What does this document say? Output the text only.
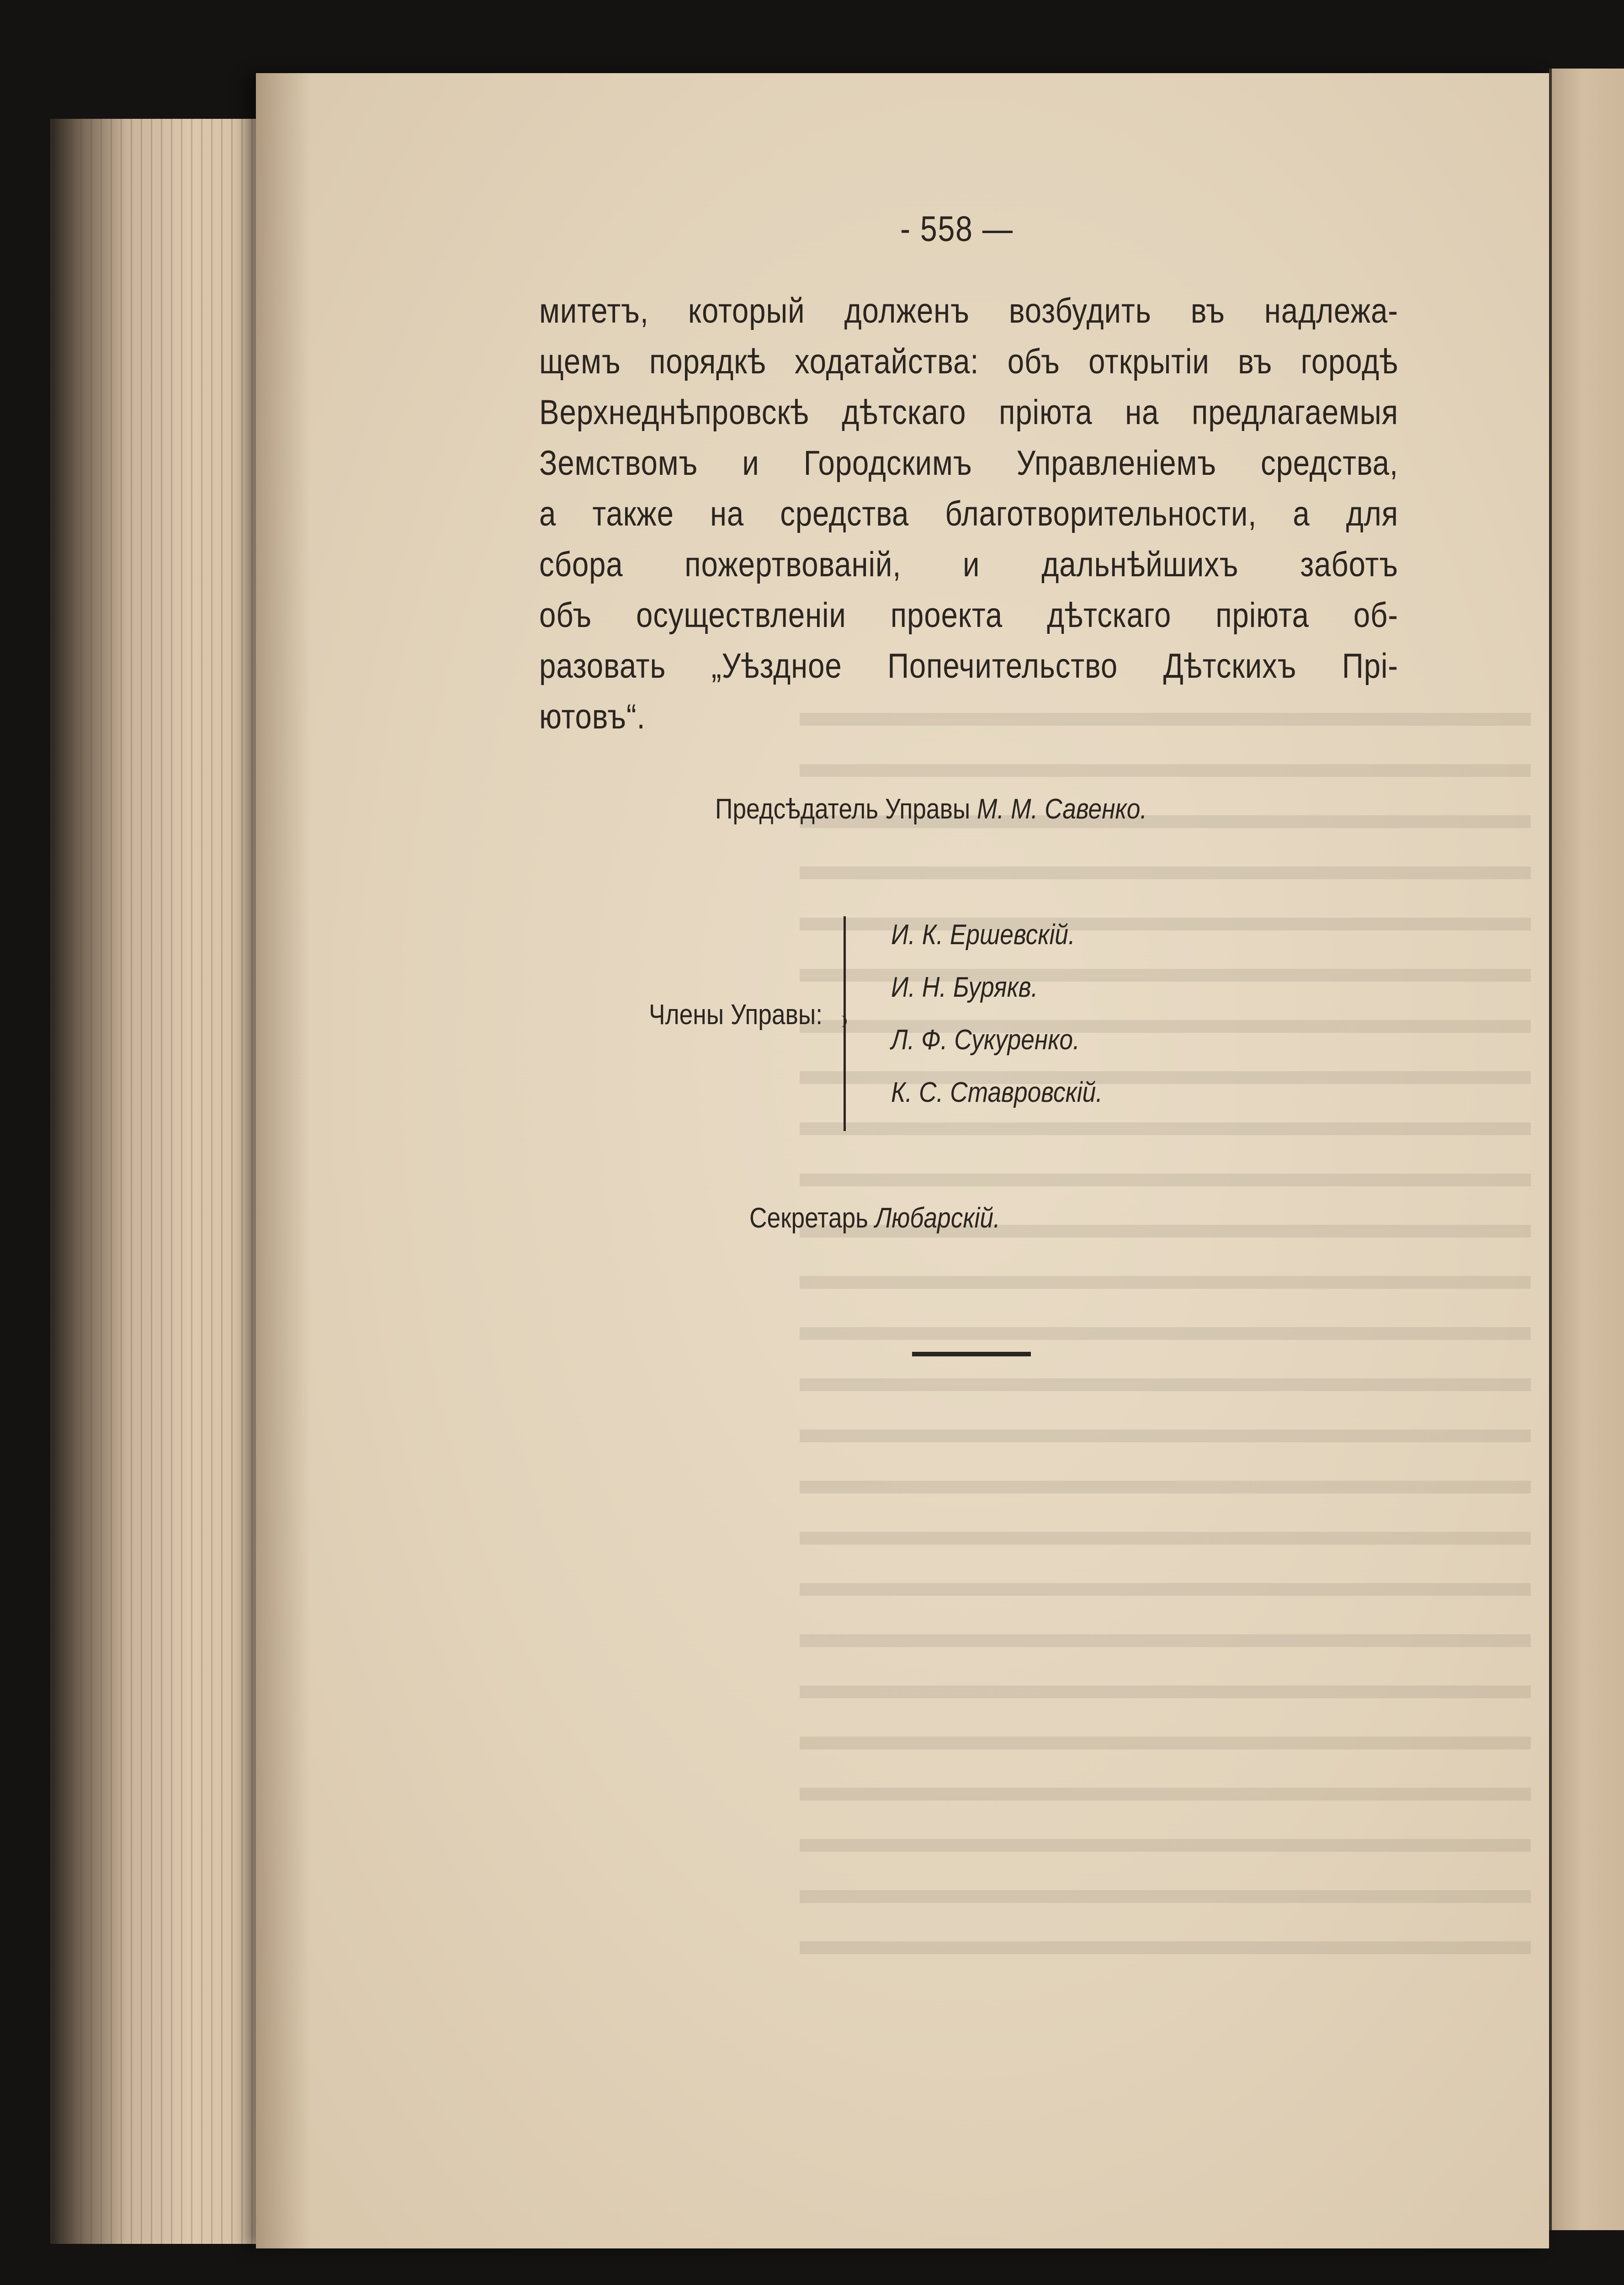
- 558 —
митетъ, который долженъ возбудить въ надлежа-
щемъ порядкѣ ходатайства: объ открытіи въ городѣ
Верхнеднѣпровскѣ дѣтскаго пріюта на предлагаемыя
Земствомъ и Городскимъ Управленіемъ средства,
а также на средства благотворительности, а для
сбора пожертвованій, и дальнѣйшихъ заботъ
объ осуществленіи проекта дѣтскаго пріюта об-
разовать „Уѣздное Попечительство Дѣтскихъ Прі-
ютовъ“.
Предсѣдатель Управы М. М. Савенко.
Члены Управы:
И. К. Ершевскій.
И. Н. Бурякв.
Л. Ф. Сукуренко.
К. С. Ставровскій.
Секретарь Любарскій.
